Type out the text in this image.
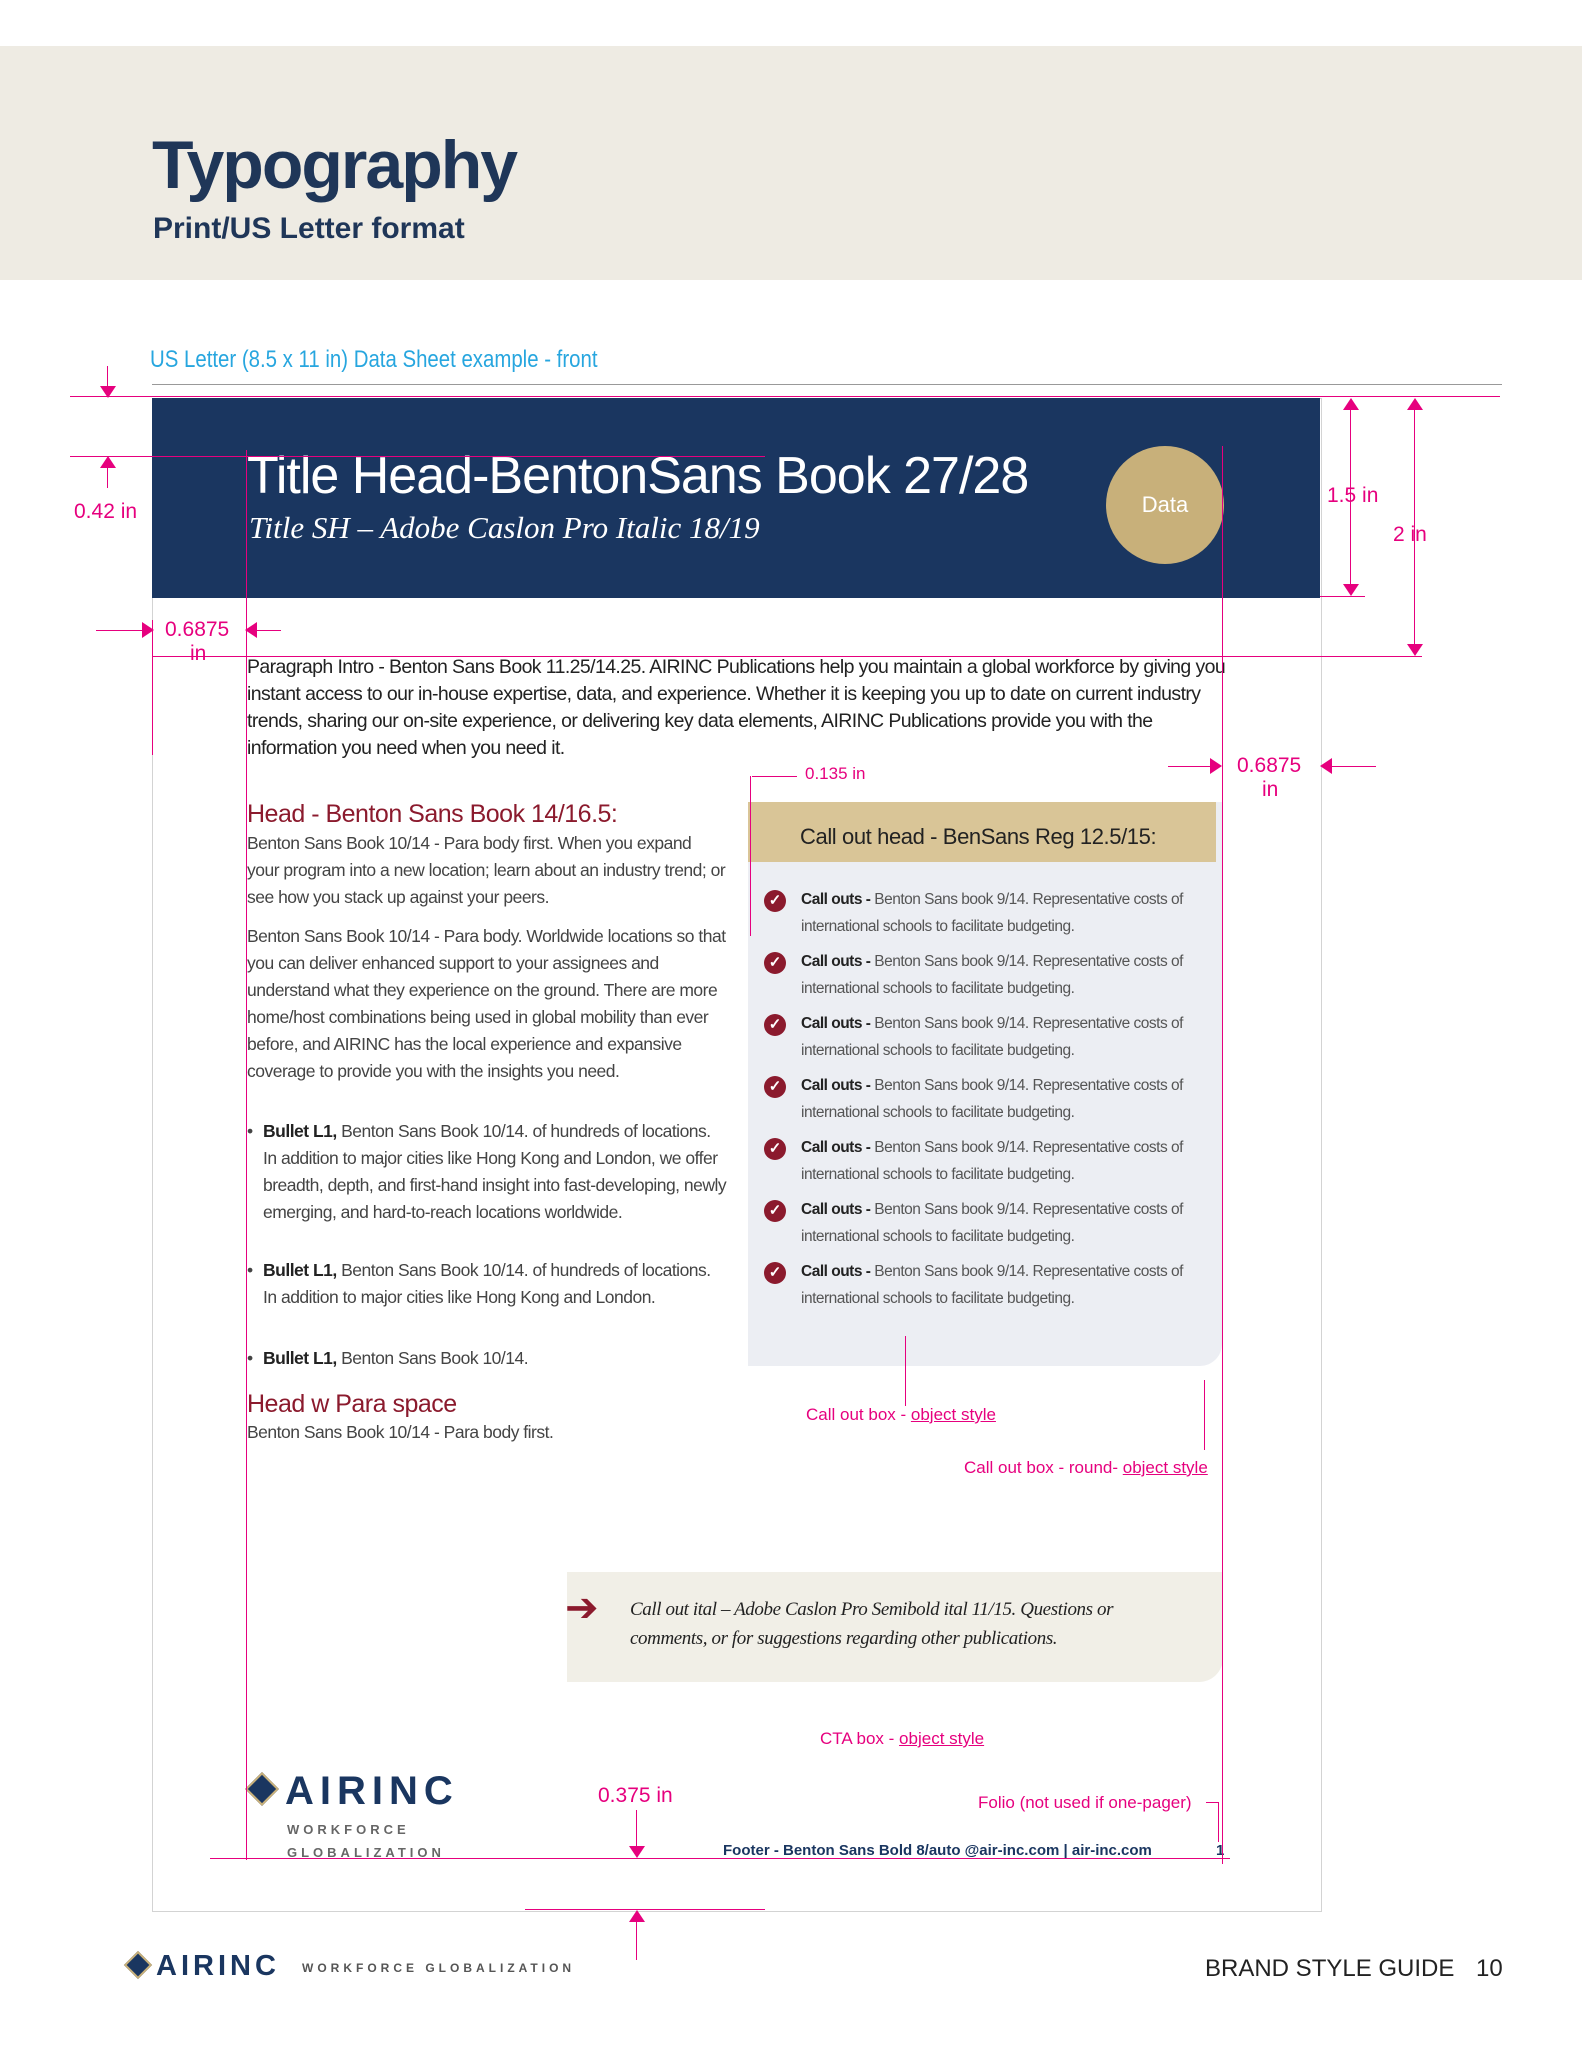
Typography
Print/US Letter format
US Letter (8.5 x 11 in) Data Sheet example - front
Title Head-BentonSans Book 27/28
Title SH – Adobe Caslon Pro Italic 18/19
Data
Paragraph Intro - Benton Sans Book 11.25/14.25. AIRINC Publications help you maintain a global workforce by giving you instant access to our in-house expertise, data, and experience. Whether it is keeping you up to date on current industry trends, sharing our on-site experience, or delivering key data elements, AIRINC Publications provide you with the information you need when you need it.
Head - Benton Sans Book 14/16.5:
Benton Sans Book 10/14 - Para body first. When you expand your program into a new location; learn about an industry trend; or see how you stack up against your peers.
Benton Sans Book 10/14 - Para body. Worldwide locations so that you can deliver enhanced support to your assignees and understand what they experience on the ground. There are more home/host combinations being used in global mobility than ever before, and AIRINC has the local experience and expansive coverage to provide you with the insights you need.
• Bullet L1, Benton Sans Book 10/14. of hundreds of locations. In addition to major cities like Hong Kong and London, we offer breadth, depth, and first-hand insight into fast-developing, newly emerging, and hard-to-reach locations worldwide.
• Bullet L1, Benton Sans Book 10/14. of hundreds of locations. In addition to major cities like Hong Kong and London.
• Bullet L1, Benton Sans Book 10/14.
Head w Para space
Benton Sans Book 10/14 - Para body first.
Call out head - BenSans Reg 12.5/15:
✓	Call outs - Benton Sans book 9/14. Representative costs of international schools to facilitate budgeting.
✓	Call outs - Benton Sans book 9/14. Representative costs of international schools to facilitate budgeting.
✓	Call outs - Benton Sans book 9/14. Representative costs of international schools to facilitate budgeting.
✓	Call outs - Benton Sans book 9/14. Representative costs of international schools to facilitate budgeting.
✓	Call outs - Benton Sans book 9/14. Representative costs of international schools to facilitate budgeting.
✓	Call outs - Benton Sans book 9/14. Representative costs of international schools to facilitate budgeting.
✓	Call outs - Benton Sans book 9/14. Representative costs of international schools to facilitate budgeting.
➔ Call out ital – Adobe Caslon Pro Semibold ital 11/15. Questions or comments, or for suggestions regarding other publications.
AIRINC
WORKFORCE
GLOBALIZATION	Footer - Benton Sans Bold 8/auto @air-inc.com | air-inc.com	1
0.42 in
1.5 in
2 in
0.6875
in
0.6875
in
0.135 in
0.375 in
Call out box - object style
Call out box - round- object style
CTA box - object style
Folio (not used if one-pager)
AIRINC WORKFORCE GLOBALIZATION	BRAND STYLE GUIDE 10
